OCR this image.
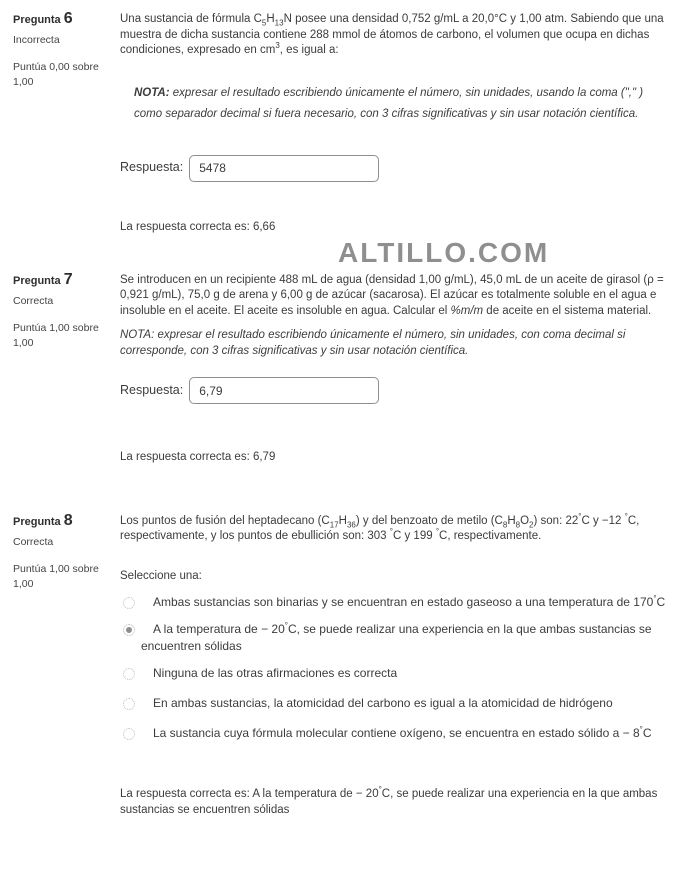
Pregunta 6
Incorrecta
Puntúa 0,00 sobre
1,00

Una sustancia de fórmula $C_5H_{13}N$ posee una densidad 0,752 g/mL a 20,0°C y 1,00 atm. Sabiendo que una muestra de dicha sustancia contiene 288 mmol de átomos de carbono, el volumen que ocupa en dichas condiciones, expresado en $cm^3$, es igual a:

NOTA: expresar el resultado escribiendo únicamente el número, sin unidades, usando la coma ("," ) como separador decimal si fuera necesario, con 3 cifras significativas y sin usar notación científica.
Respuesta:
5478
La respuesta correcta es: 6,66
ALTILLO.COM
Pregunta 7
Correcta
Puntúa 1,00 sobre
1,00

Se introducen en un recipiente 488 mL de agua (densidad 1,00 g/mL), 45,0 mL de un aceite de girasol (ρ = 0,921 g/mL), 75,0 g de arena y 6,00 g de azúcar (sacarosa). El azúcar es totalmente soluble en el agua e insoluble en el aceite. El aceite es insoluble en agua. Calcular el %m/m de aceite en el sistema material.

NOTA: expresar el resultado escribiendo únicamente el número, sin unidades, con coma decimal si corresponde, con 3 cifras significativas y sin usar notación científica.
Respuesta:
6,79
La respuesta correcta es: 6,79
Pregunta 8
Correcta
Puntúa 1,00 sobre
1,00

Los puntos de fusión del heptadecano $(C_{17}H_{36})$ y del benzoato de metilo $(C_8H_8O_2)$ son: 22°C y −12 °C, respectivamente, y los puntos de ebullición son: 303 °C y 199 °C, respectivamente.

Seleccione una:
Ambas sustancias son binarias y se encuentran en estado gaseoso a una temperatura de 170°C
A la temperatura de − 20°C, se puede realizar una experiencia en la que ambas sustancias se encuentren sólidas
Ninguna de las otras afirmaciones es correcta
En ambas sustancias, la atomicidad del carbono es igual a la atomicidad de hidrógeno
La sustancia cuya fórmula molecular contiene oxígeno, se encuentra en estado sólido a − 8°C
La respuesta correcta es: A la temperatura de − 20°C, se puede realizar una experiencia en la que ambas sustancias se encuentren sólidas
